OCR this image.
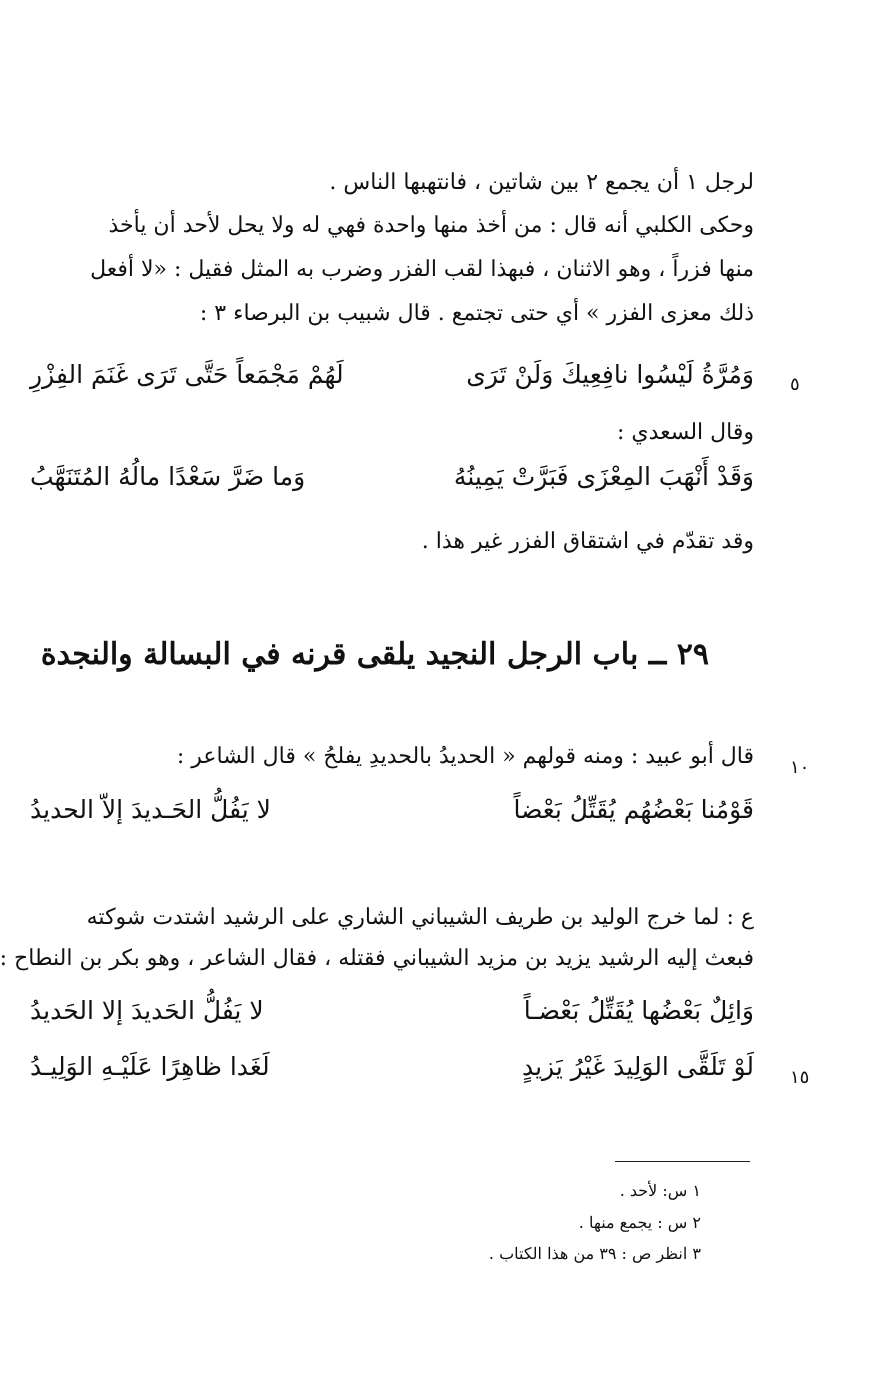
لرجل ١ أن يجمع ٢ بين شاتين ، فانتهبها الناس .
وحكى الكلبي أنه قال : من أخذ منها واحدة فهي له ولا يحل لأحد أن يأخذ
منها فزراً ، وهو الاثنان ، فبهذا لقب الفزر وضرب به المثل فقيل : «لا أفعل
ذلك معزى الفزر » أي حتى تجتمع . قال شبيب بن البرصاء ٣ :
٥
وَمُرَّةُ لَيْسُوا نافِعِيكَ وَلَنْ تَرَى
لَهُمْ مَجْمَعاً حَتَّى تَرَى غَنَمَ الفِزْرِ
وقال السعدي :
وَقَدْ أَنْهَبَ المِعْزَى فَبَرَّتْ يَمِينُهُ
وَما ضَرَّ سَعْدًا مالُهُ المُتَنَهَّبُ
وقد تقدّم في اشتقاق الفزر غير هذا .
٢٩ ــ باب الرجل النجيد يلقى قرنه في البسالة والنجدة
١٠
قال أبو عبيد : ومنه قولهم « الحديدُ بالحديدِ يفلحُ » قال الشاعر :
قَوْمُنا بَعْضُهُم يُقَتِّلُ بَعْضاً
لا يَفُلُّ الحَـديدَ إلاّ الحديدُ
ع : لما خرج الوليد بن طريف الشيباني الشاري على الرشيد اشتدت شوكته
فبعث إليه الرشيد يزيد بن مزيد الشيباني فقتله ، فقال الشاعر ، وهو بكر بن النطاح :
وَائِلٌ بَعْضُها يُقَتِّلُ بَعْضـاً
لا يَفُلُّ الحَديدَ إلا الحَديدُ
١٥
لَوْ تَلَقَّى الوَلِيدَ غَيْرُ يَزيدٍ
لَغَدا ظاهِرًا عَلَيْـهِ الوَلِيـدُ
١ س: لأحد .
٢ س : يجمع منها .
٣ انظر ص : ٣٩ من هذا الكتاب .
